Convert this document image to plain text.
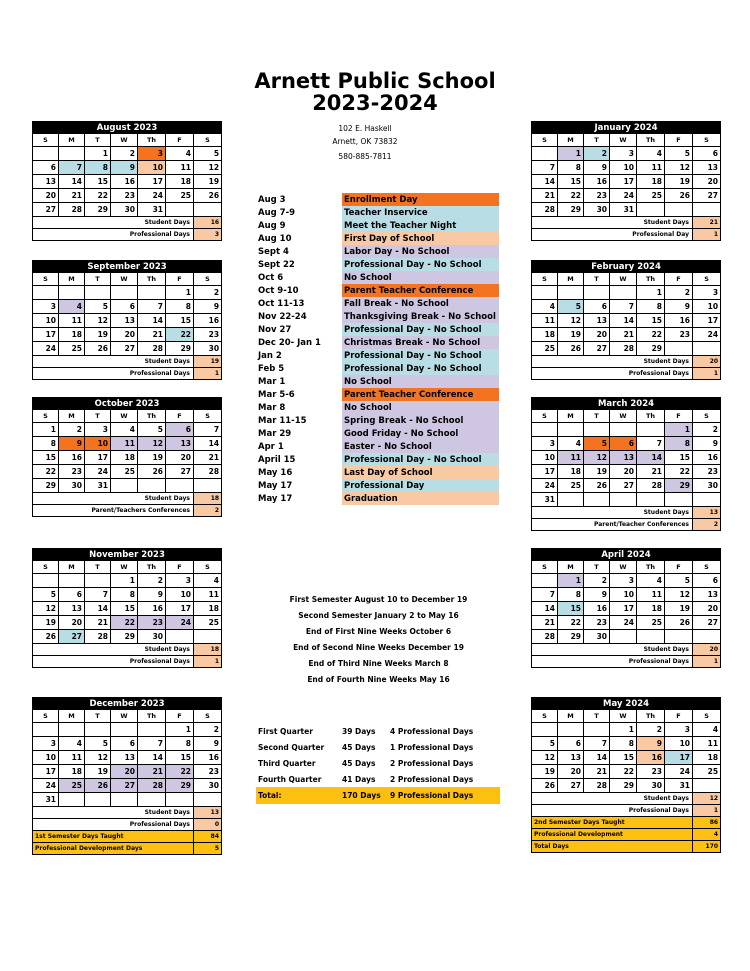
Arnett Public School
2023-2024
102 E. Haskell
Arnett, OK 73832
580-885-7811
August 2023						
S	M	T	W	Th	F	S
		1	2	3	4	5
6	7	8	9	10	11	12
13	14	15	16	17	18	19
20	21	22	23	24	25	26
27	28	29	30	31		
Student Days						16
Professional Days						3
September 2023						
S	M	T	W	Th	F	S
					1	2
3	4	5	6	7	8	9
10	11	12	13	14	15	16
17	18	19	20	21	22	23
24	25	26	27	28	29	30
Student Days						19
Professional Days						1
October 2023						
S	M	T	W	Th	F	S
1	2	3	4	5	6	7
8	9	10	11	12	13	14
15	16	17	18	19	20	21
22	23	24	25	26	27	28
29	30	31				
Student Days						18
Parent/Teachers Conferences						2
November 2023						
S	M	T	W	Th	F	S
			1	2	3	4
5	6	7	8	9	10	11
12	13	14	15	16	17	18
19	20	21	22	23	24	25
26	27	28	29	30		
Student Days						18
Professional Days						1
December 2023						
S	M	T	W	Th	F	S
					1	2
3	4	5	6	7	8	9
10	11	12	13	14	15	16
17	18	19	20	21	22	23
24	25	26	27	28	29	30
31						
Student Days						13
Professional Days						0
1st Semester Days Taught						84
Professional Development Days						5
January 2024						
S	M	T	W	Th	F	S
	1	2	3	4	5	6
7	8	9	10	11	12	13
14	15	16	17	18	19	20
21	22	23	24	25	26	27
28	29	30	31			
Student Days						21
Professional Day						1
February 2024						
S	M	T	W	Th	F	S
				1	2	3
4	5	6	7	8	9	10
11	12	13	14	15	16	17
18	19	20	21	22	23	24
25	26	27	28	29		
Student Days						20
Professional Days						1
March 2024						
S	M	T	W	Th	F	S
					1	2
3	4	5	6	7	8	9
10	11	12	13	14	15	16
17	18	19	20	21	22	23
24	25	26	27	28	29	30
31						
Student Days						13
Parent/Teacher Conferences						2
April 2024						
S	M	T	W	Th	F	S
	1	2	3	4	5	6
7	8	9	10	11	12	13
14	15	16	17	18	19	20
21	22	23	24	25	26	27
28	29	30				
Student Days						20
Professional Days						1
May 2024						
S	M	T	W	Th	F	S
			1	2	3	4
5	6	7	8	9	10	11
12	13	14	15	16	17	18
19	20	21	22	23	24	25
26	27	28	29	30	31	
Student Days						12
Professional Days						1
2nd Semester Days Taught						86
Professional Development						4
Total Days						170
Aug 3	Enrollment Day
Aug 7-9	Teacher Inservice
Aug 9	Meet the Teacher Night
Aug 10	First Day of School
Sept 4	Labor Day - No School
Sept 22	Professional Day - No School
Oct 6	No School
Oct 9-10	Parent Teacher Conference
Oct 11-13	Fall Break - No School
Nov 22-24	Thanksgiving Break - No School
Nov 27	Professional Day - No School
Dec 20- Jan 1	Christmas Break - No School
Jan 2	Professional Day - No School
Feb 5	Professional Day - No School
Mar 1	No School
Mar 5-6	Parent Teacher Conference
Mar 8	No School
Mar 11-15	Spring Break - No School
Mar 29	Good Friday - No School
Apr 1	Easter - No School
April 15	Professional Day - No School
May 16	Last Day of School
May 17	Professional Day
May 17	Graduation
First Semester August 10 to December 19
Second Semester January 2 to May 16
End of First Nine Weeks October 6
End of Second Nine Weeks December 19
End of Third Nine Weeks March 8
End of Fourth Nine Weeks May 16
First Quarter	39 Days	4 Professional Days
Second Quarter	45 Days	1 Professional Days
Third Quarter	45 Days	2 Professional Days
Fourth Quarter	41 Days	2 Professional Days
Total:	170 Days	9 Professional Days
